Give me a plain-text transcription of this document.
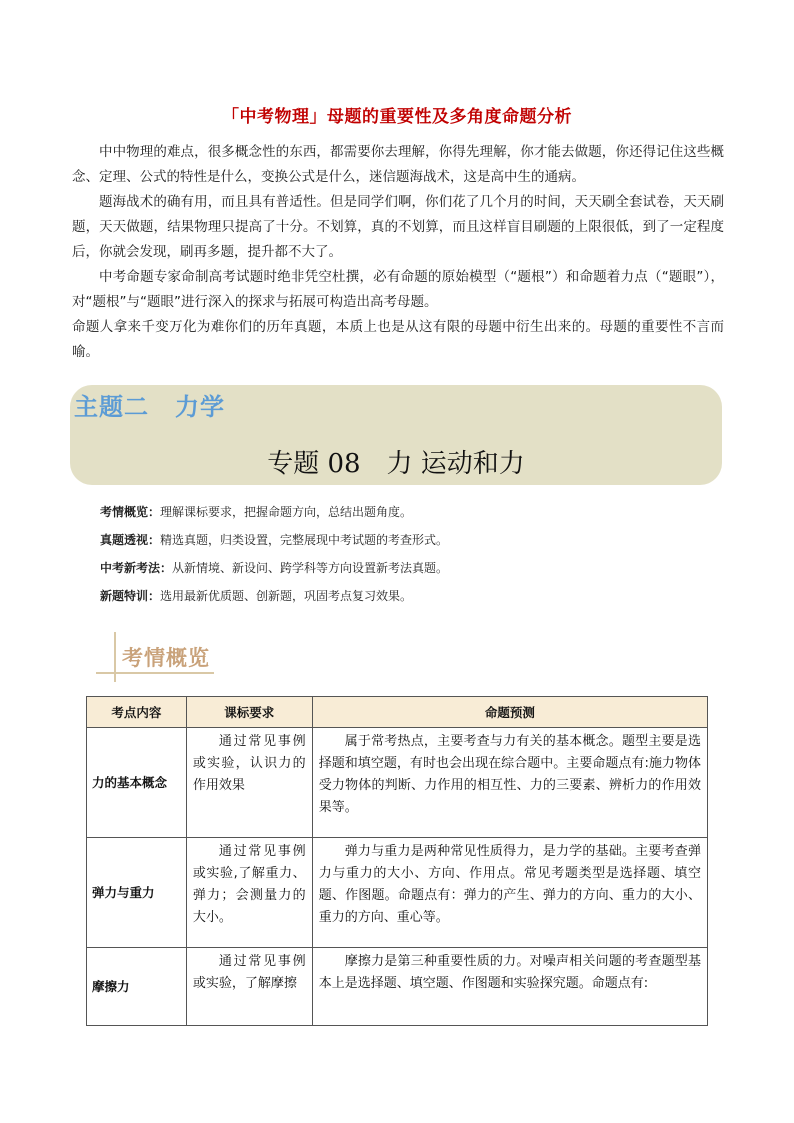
「中考物理」母题的重要性及多角度命题分析

中中物理的难点，很多概念性的东西，都需要你去理解，你得先理解，你才能去做题，你还得记住这些概念、定理、公式的特性是什么，变换公式是什么，迷信题海战术，这是高中生的通病。

题海战术的确有用，而且具有普适性。但是同学们啊，你们花了几个月的时间，天天刷全套试卷，天天刷题，天天做题，结果物理只提高了十分。不划算，真的不划算，而且这样盲目刷题的上限很低，到了一定程度后，你就会发现，刷再多题，提升都不大了。

中考命题专家命制高考试题时绝非凭空杜撰，必有命题的原始模型（“题根”）和命题着力点（“题眼”），对“题根”与“题眼”进行深入的探求与拓展可构造出高考母题。

命题人拿来千变万化为难你们的历年真题，本质上也是从这有限的母题中衍生出来的。母题的重要性不言而喻。

主题二 力学
专题 08 力 运动和力
考情概览：理解课标要求，把握命题方向，总结出题角度。
真题透视：精选真题，归类设置，完整展现中考试题的考查形式。
中考新考法：从新情境、新设问、跨学科等方向设置新考法真题。
新题特训：选用最新优质题、创新题，巩固考点复习效果。
考情概览
考点内容	课标要求	命题预测
力的基本概念	通过常见事例或实验，认识力的作用效果	属于常考热点，主要考查与力有关的基本概念。题型主要是选择题和填空题，有时也会出现在综合题中。主要命题点有:施力物体受力物体的判断、力作用的相互性、力的三要素、辨析力的作用效果等。
弹力与重力	通过常见事例或实验,了解重力、弹力；会测量力的大小。	弹力与重力是两种常见性质得力，是力学的基础。主要考查弹力与重力的大小、方向、作用点。常见考题类型是选择题、填空题、作图题。命题点有：弹力的产生、弹力的方向、重力的大小、重力的方向、重心等。
摩擦力	通过常见事例或实验，了解摩擦	摩擦力是第三种重要性质的力。对噪声相关问题的考查题型基本上是选择题、填空题、作图题和实验探究题。命题点有:
